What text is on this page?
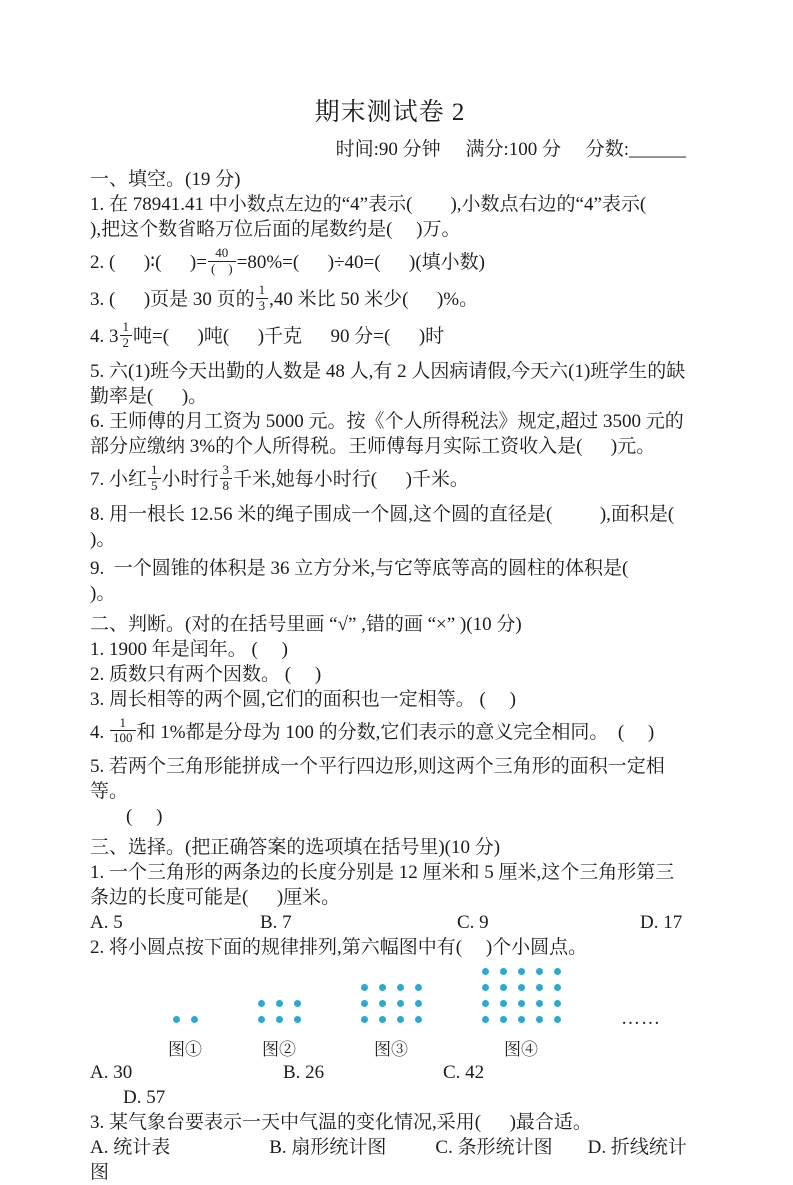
期末测试卷 2
时间:90 分钟 满分:100 分 分数:______
一、填空。(19 分)
1. 在 78941.41 中小数点左边的“4”表示(        ),小数点右边的“4”表示(       ),把这个数省略万位后面的尾数约是(     )万。
2. (      )∶(      )= $\frac{40}{( )} =80\%=$(      )÷40=(      )(填小数)
3. (      )页是 30 页的 $\frac{1}{3} ,40$ 米比 50 米少(      )%。
4. $3 \frac{1}{2}$ 吨=(      )吨(      )千克      90 分=(      )时
5. 六(1)班今天出勤的人数是 48 人,有 2 人因病请假,今天六(1)班学生的缺勤率是(      )。
6. 王师傅的月工资为 5000 元。按《个人所得税法》规定,超过 3500 元的部分应缴纳 3%的个人所得税。王师傅每月实际工资收入是(      )元。
7. 小红 $\frac{1}{5}$ 小时行 $\frac{3}{8}$ 千米,她每小时行(      )千米。
8. 用一根长 12.56 米的绳子围成一个圆,这个圆的直径是(          ),面积是(               )。
9.  一个圆锥的体积是 36 立方分米,与它等底等高的圆柱的体积是(               )。
二、判断。(对的在括号里画 “√” ,错的画 “×” )(10 分)
1. 1900 年是闰年。 (     )
2. 质数只有两个因数。 (     )
3. 周长相等的两个圆,它们的面积也一定相等。 (     )
4. $\frac{1}{100}$ 和 1%都是分母为 100 的分数,它们表示的意义完全相同。  (     )
5. 若两个三角形能拼成一个平行四边形,则这两个三角形的面积一定相等。
(     )
三、选择。(把正确答案的选项填在括号里)(10 分)
1. 一个三角形的两条边的长度分别是 12 厘米和 5 厘米,这个三角形第三条边的长度可能是(      )厘米。
A. 5	B. 7	C. 9	D. 17
2. 将小圆点按下面的规律排列,第六幅图中有(     )个小圆点。
图①	图②	图③	图④
……
A. 30	B. 26	C. 42
D. 57
3. 某气象台要表示一天中气温的变化情况,采用(      )最合适。
A. 统计表	B. 扇形统计图	C. 条形统计图 D. 折线统计图
